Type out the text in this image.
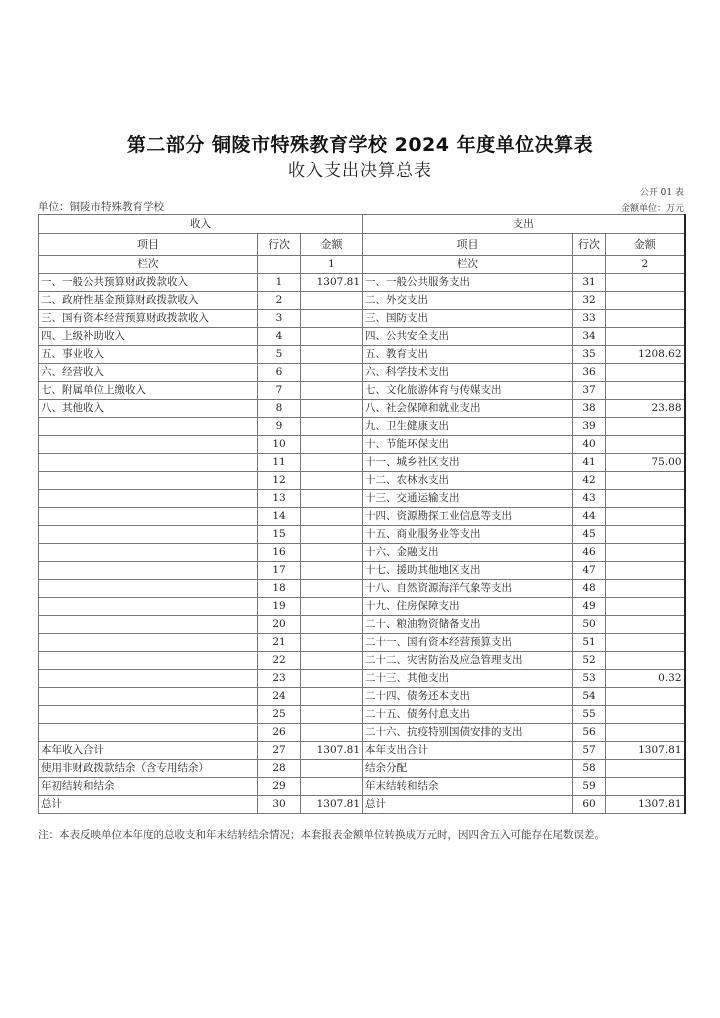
第二部分 铜陵市特殊教育学校 2024 年度单位决算表
收入支出决算总表
公开 01 表
单位：铜陵市特殊教育学校	金额单位：万元
收入			支出		
项目	行次	金额	项目	行次	金额
栏次		1	栏次		2
一、一般公共预算财政拨款收入	1	1307.81	一、一般公共服务支出	31	
二、政府性基金预算财政拨款收入	2		二、外交支出	32	
三、国有资本经营预算财政拨款收入	3		三、国防支出	33	
四、上级补助收入	4		四、公共安全支出	34	
五、事业收入	5		五、教育支出	35	1208.62
六、经营收入	6		六、科学技术支出	36	
七、附属单位上缴收入	7		七、文化旅游体育与传媒支出	37	
八、其他收入	8		八、社会保障和就业支出	38	23.88
	9		九、卫生健康支出	39	
	10		十、节能环保支出	40	
	11		十一、城乡社区支出	41	75.00
	12		十二、农林水支出	42	
	13		十三、交通运输支出	43	
	14		十四、资源勘探工业信息等支出	44	
	15		十五、商业服务业等支出	45	
	16		十六、金融支出	46	
	17		十七、援助其他地区支出	47	
	18		十八、自然资源海洋气象等支出	48	
	19		十九、住房保障支出	49	
	20		二十、粮油物资储备支出	50	
	21		二十一、国有资本经营预算支出	51	
	22		二十二、灾害防治及应急管理支出	52	
	23		二十三、其他支出	53	0.32
	24		二十四、债务还本支出	54	
	25		二十五、债务付息支出	55	
	26		二十六、抗疫特别国债安排的支出	56	
本年收入合计	27	1307.81	本年支出合计	57	1307.81
使用非财政拨款结余（含专用结余）	28		结余分配	58	
年初结转和结余	29		年末结转和结余	59	
总计	30	1307.81	总计	60	1307.81
注：本表反映单位本年度的总收支和年末结转结余情况；本套报表金额单位转换成万元时，因四舍五入可能存在尾数误差。
